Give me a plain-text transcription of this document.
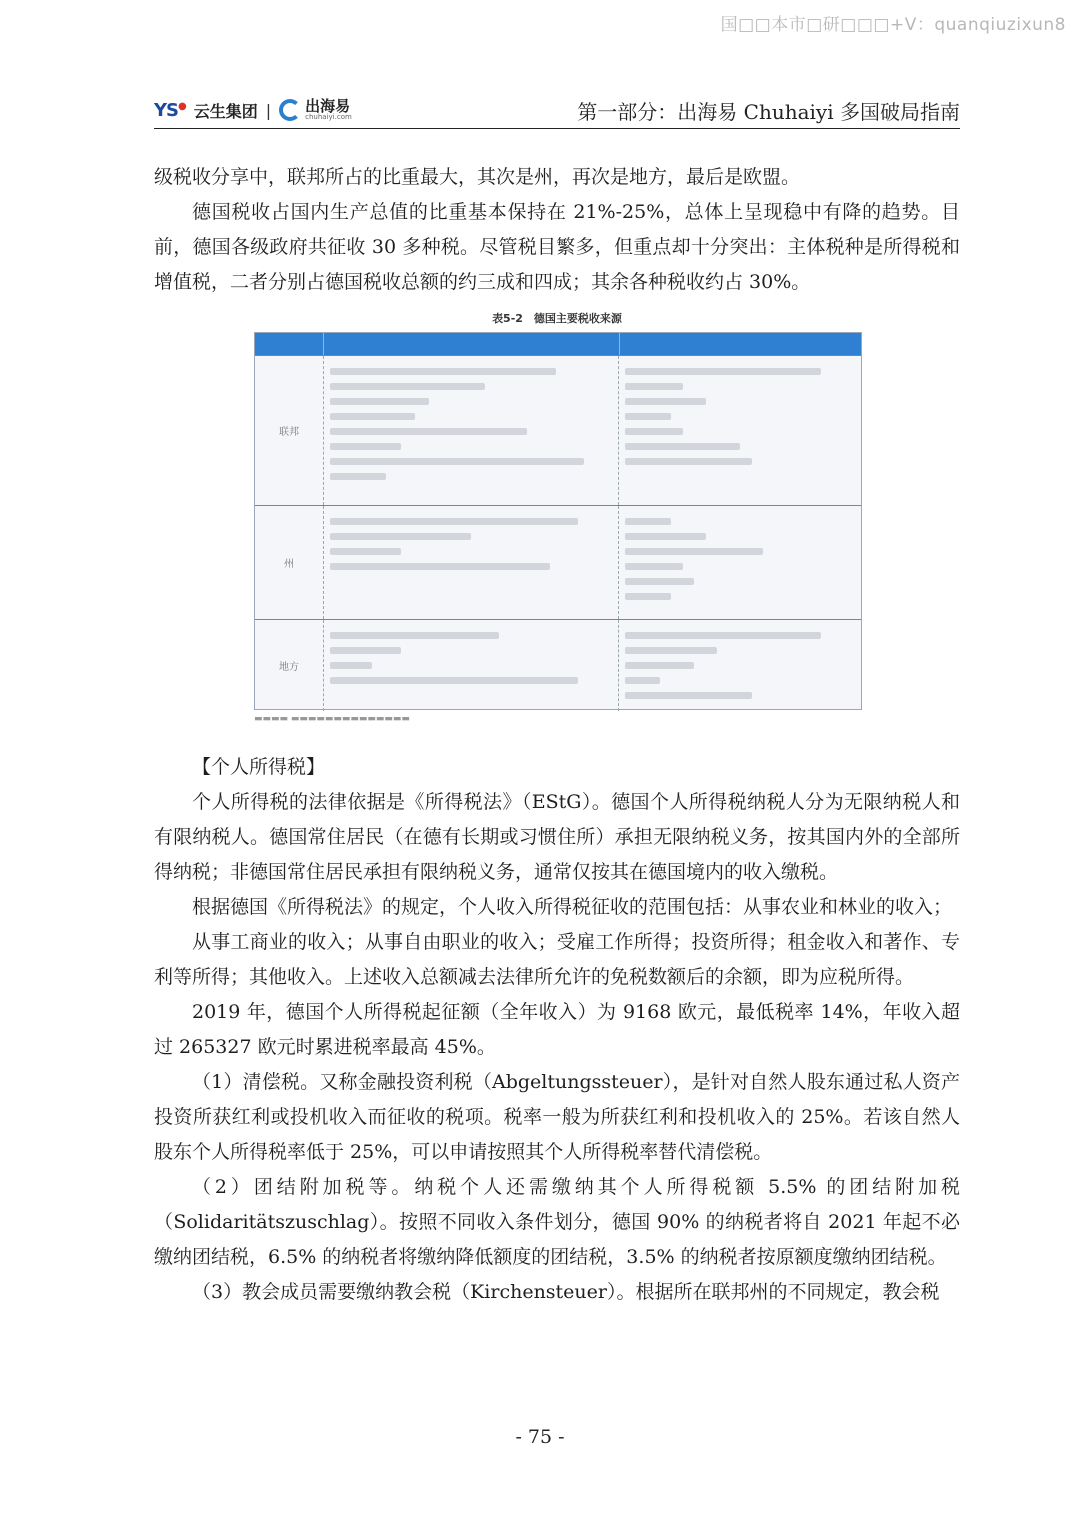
国□□本市□研□□□+V：quanqiuzixun8
YS● 云生集团 | 出海易
chuhaiyi.com	第一部分：出海易 Chuhaiyi 多国破局指南

级税收分享中，联邦所占的比重最大，其次是州，再次是地方，最后是欧盟。

德国税收占国内生产总值的比重基本保持在 21%-25%，总体上呈现稳中有降的趋势。目前，德国各级政府共征收 30 多种税。尽管税目繁多，但重点却十分突出：主体税种是所得税和增值税，二者分别占德国税收总额的约三成和四成；其余各种税收约占 30%。

表5-2　德国主要税收来源
联邦
州
地方
▬▬▬▬ ▬▬▬▬▬▬▬▬▬▬▬▬▬▬

【个人所得税】

个人所得税的法律依据是《所得税法》（EStG）。德国个人所得税纳税人分为无限纳税人和有限纳税人。德国常住居民（在德有长期或习惯住所）承担无限纳税义务，按其国内外的全部所得纳税；非德国常住居民承担有限纳税义务，通常仅按其在德国境内的收入缴税。

根据德国《所得税法》的规定，个人收入所得税征收的范围包括：从事农业和林业的收入；

从事工商业的收入；从事自由职业的收入；受雇工作所得；投资所得；租金收入和著作、专利等所得；其他收入。上述收入总额减去法律所允许的免税数额后的余额，即为应税所得。

2019 年，德国个人所得税起征额（全年收入）为 9168 欧元，最低税率 14%，年收入超过 265327 欧元时累进税率最高 45%。

（1）清偿税。又称金融投资利税（Abgeltungssteuer），是针对自然人股东通过私人资产投资所获红利或投机收入而征收的税项。税率一般为所获红利和投机收入的 25%。若该自然人股东个人所得税率低于 25%，可以申请按照其个人所得税率替代清偿税。

（2）团结附加税等。纳税个人还需缴纳其个人所得税额 5.5% 的团结附加税（Solidaritätszuschlag）。按照不同收入条件划分，德国 90% 的纳税者将自 2021 年起不必缴纳团结税，6.5% 的纳税者将缴纳降低额度的团结税，3.5% 的纳税者按原额度缴纳团结税。

（3）教会成员需要缴纳教会税（Kirchensteuer）。根据所在联邦州的不同规定，教会税

- 75 -
